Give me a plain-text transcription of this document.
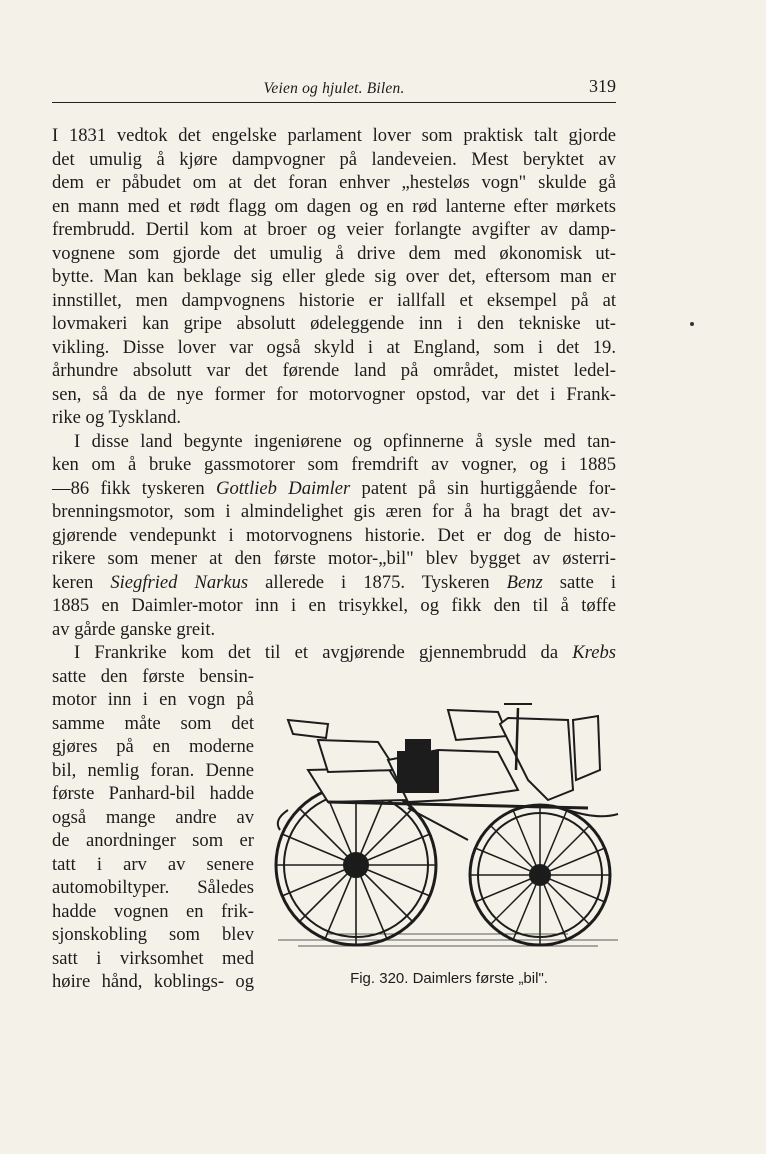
Veien og hjulet. Bilen.	319
I 1831 vedtok det engelske parlament lover som praktisk talt gjorde
det umulig å kjøre dampvogner på landeveien. Mest beryktet av
dem er påbudet om at det foran enhver „hesteløs vogn" skulde gå
en mann med et rødt flagg om dagen og en rød lanterne efter mørkets
frembrudd. Dertil kom at broer og veier forlangte avgifter av damp-
vognene som gjorde det umulig å drive dem med økonomisk ut-
bytte. Man kan beklage sig eller glede sig over det, eftersom man er
innstillet, men dampvognens historie er iallfall et eksempel på at
lovmakeri kan gripe absolutt ødeleggende inn i den tekniske ut-
vikling. Disse lover var også skyld i at England, som i det 19.
århundre absolutt var det førende land på området, mistet ledel-
sen, så da de nye former for motorvogner opstod, var det i Frank-
rike og Tyskland.
I disse land begynte ingeniørene og opfinnerne å sysle med tan-
ken om å bruke gassmotorer som fremdrift av vogner, og i 1885
—86 fikk tyskeren Gottlieb Daimler patent på sin hurtiggående for-
brenningsmotor, som i almindelighet gis æren for å ha bragt det av-
gjørende vendepunkt i motorvognens historie. Det er dog de histo-
rikere som mener at den første motor-„bil" blev bygget av østerri-
keren Siegfried Narkus allerede i 1875. Tyskeren Benz satte i
1885 en Daimler-motor inn i en trisykkel, og fikk den til å tøffe
av gårde ganske greit.
I Frankrike kom det til et avgjørende gjennembrudd da Krebs
satte den første bensin-
motor inn i en vogn på
samme måte som det
gjøres på en moderne
bil, nemlig foran. Denne
første Panhard-bil hadde
også mange andre av
de anordninger som er
tatt i arv av senere
automobiltyper. Således
hadde vognen en frik-
sjonskobling som blev
satt i virksomhet med
høire hånd, koblings- og	Fig. 320. Daimlers første „bil".
